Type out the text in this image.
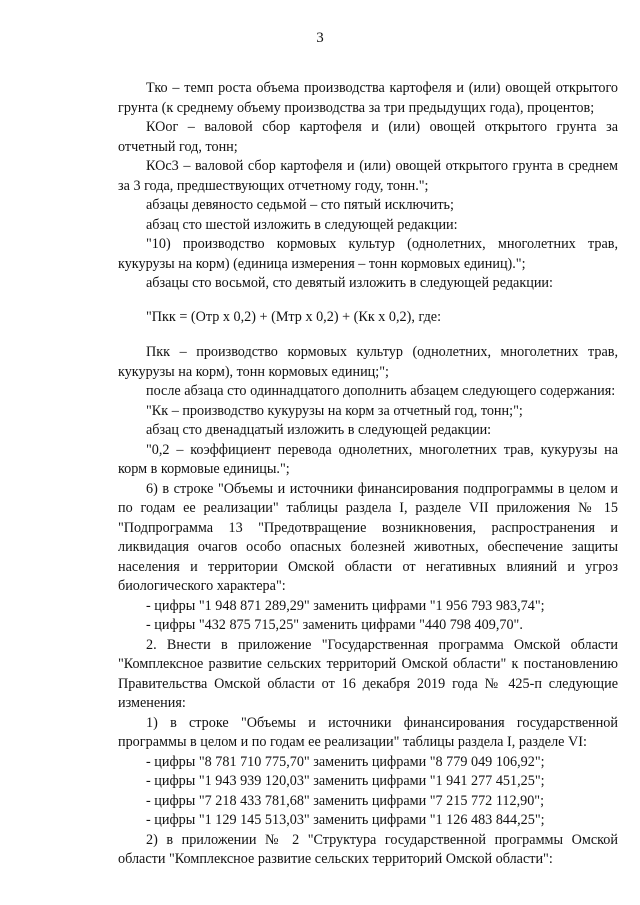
3

Тко – темп роста объема производства картофеля и (или) овощей открытого грунта (к среднему объему производства за три предыдущих года), процентов;

КОог – валовой сбор картофеля и (или) овощей открытого грунта за отчетный год, тонн;

КОс3 – валовой сбор картофеля и (или) овощей открытого грунта в среднем за 3 года, предшествующих отчетному году, тонн.";

абзацы девяносто седьмой – сто пятый исключить;

абзац сто шестой изложить в следующей редакции:

"10) производство кормовых культур (однолетних, многолетних трав, кукурузы на корм) (единица измерения – тонн кормовых единиц).";

абзацы сто восьмой, сто девятый изложить в следующей редакции:

"Пкк = (Отр х 0,2) + (Мтр х 0,2) + (Кк х 0,2), где:

Пкк – производство кормовых культур (однолетних, многолетних трав, кукурузы на корм), тонн кормовых единиц;";

после абзаца сто одиннадцатого дополнить абзацем следующего содержания:

"Кк – производство кукурузы на корм за отчетный год, тонн;";

абзац сто двенадцатый изложить в следующей редакции:

"0,2 – коэффициент перевода однолетних, многолетних трав, кукурузы на корм в кормовые единицы.";

6) в строке "Объемы и источники финансирования подпрограммы в целом и по годам ее реализации" таблицы раздела I, разделе VII приложения № 15 "Подпрограмма 13 "Предотвращение возникновения, распространения и ликвидация очагов особо опасных болезней животных, обеспечение защиты населения и территории Омской области от негативных влияний и угроз биологического характера":

- цифры "1 948 871 289,29" заменить цифрами "1 956 793 983,74";

- цифры "432 875 715,25" заменить цифрами "440 798 409,70".

2. Внести в приложение "Государственная программа Омской области "Комплексное развитие сельских территорий Омской области" к постановлению Правительства Омской области от 16 декабря 2019 года № 425-п следующие изменения:

1) в строке "Объемы и источники финансирования государственной программы в целом и по годам ее реализации" таблицы раздела I, разделе VI:

- цифры "8 781 710 775,70" заменить цифрами "8 779 049 106,92";

- цифры "1 943 939 120,03" заменить цифрами "1 941 277 451,25";

- цифры "7 218 433 781,68" заменить цифрами "7 215 772 112,90";

- цифры "1 129 145 513,03" заменить цифрами "1 126 483 844,25";

2) в приложении № 2 "Структура государственной программы Омской области "Комплексное развитие сельских территорий Омской области":
